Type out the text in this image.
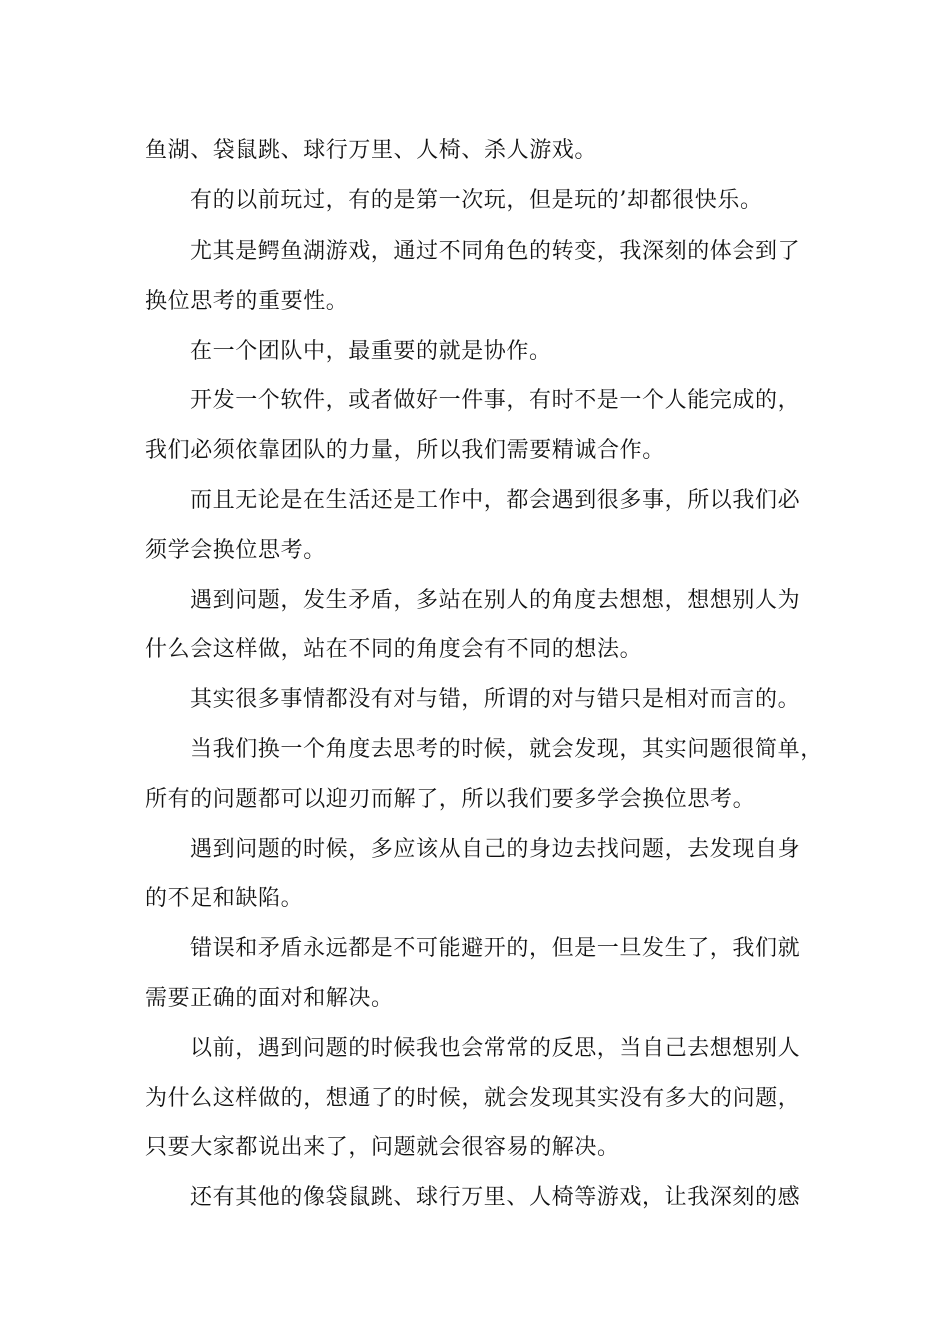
鱼湖、袋鼠跳、球行万里、人椅、杀人游戏。
有的以前玩过，有的是第一次玩，但是玩的’却都很快乐。
尤其是鳄鱼湖游戏，通过不同角色的转变，我深刻的体会到了
换位思考的重要性。
在一个团队中，最重要的就是协作。
开发一个软件，或者做好一件事，有时不是一个人能完成的，
我们必须依靠团队的力量，所以我们需要精诚合作。
而且无论是在生活还是工作中，都会遇到很多事，所以我们必
须学会换位思考。
遇到问题，发生矛盾，多站在别人的角度去想想，想想别人为
什么会这样做，站在不同的角度会有不同的想法。
其实很多事情都没有对与错，所谓的对与错只是相对而言的。
当我们换一个角度去思考的时候，就会发现，其实问题很简单，
所有的问题都可以迎刃而解了，所以我们要多学会换位思考。
遇到问题的时候，多应该从自己的身边去找问题，去发现自身
的不足和缺陷。
错误和矛盾永远都是不可能避开的，但是一旦发生了，我们就
需要正确的面对和解决。
以前，遇到问题的时候我也会常常的反思，当自己去想想别人
为什么这样做的，想通了的时候，就会发现其实没有多大的问题，
只要大家都说出来了，问题就会很容易的解决。
还有其他的像袋鼠跳、球行万里、人椅等游戏，让我深刻的感
